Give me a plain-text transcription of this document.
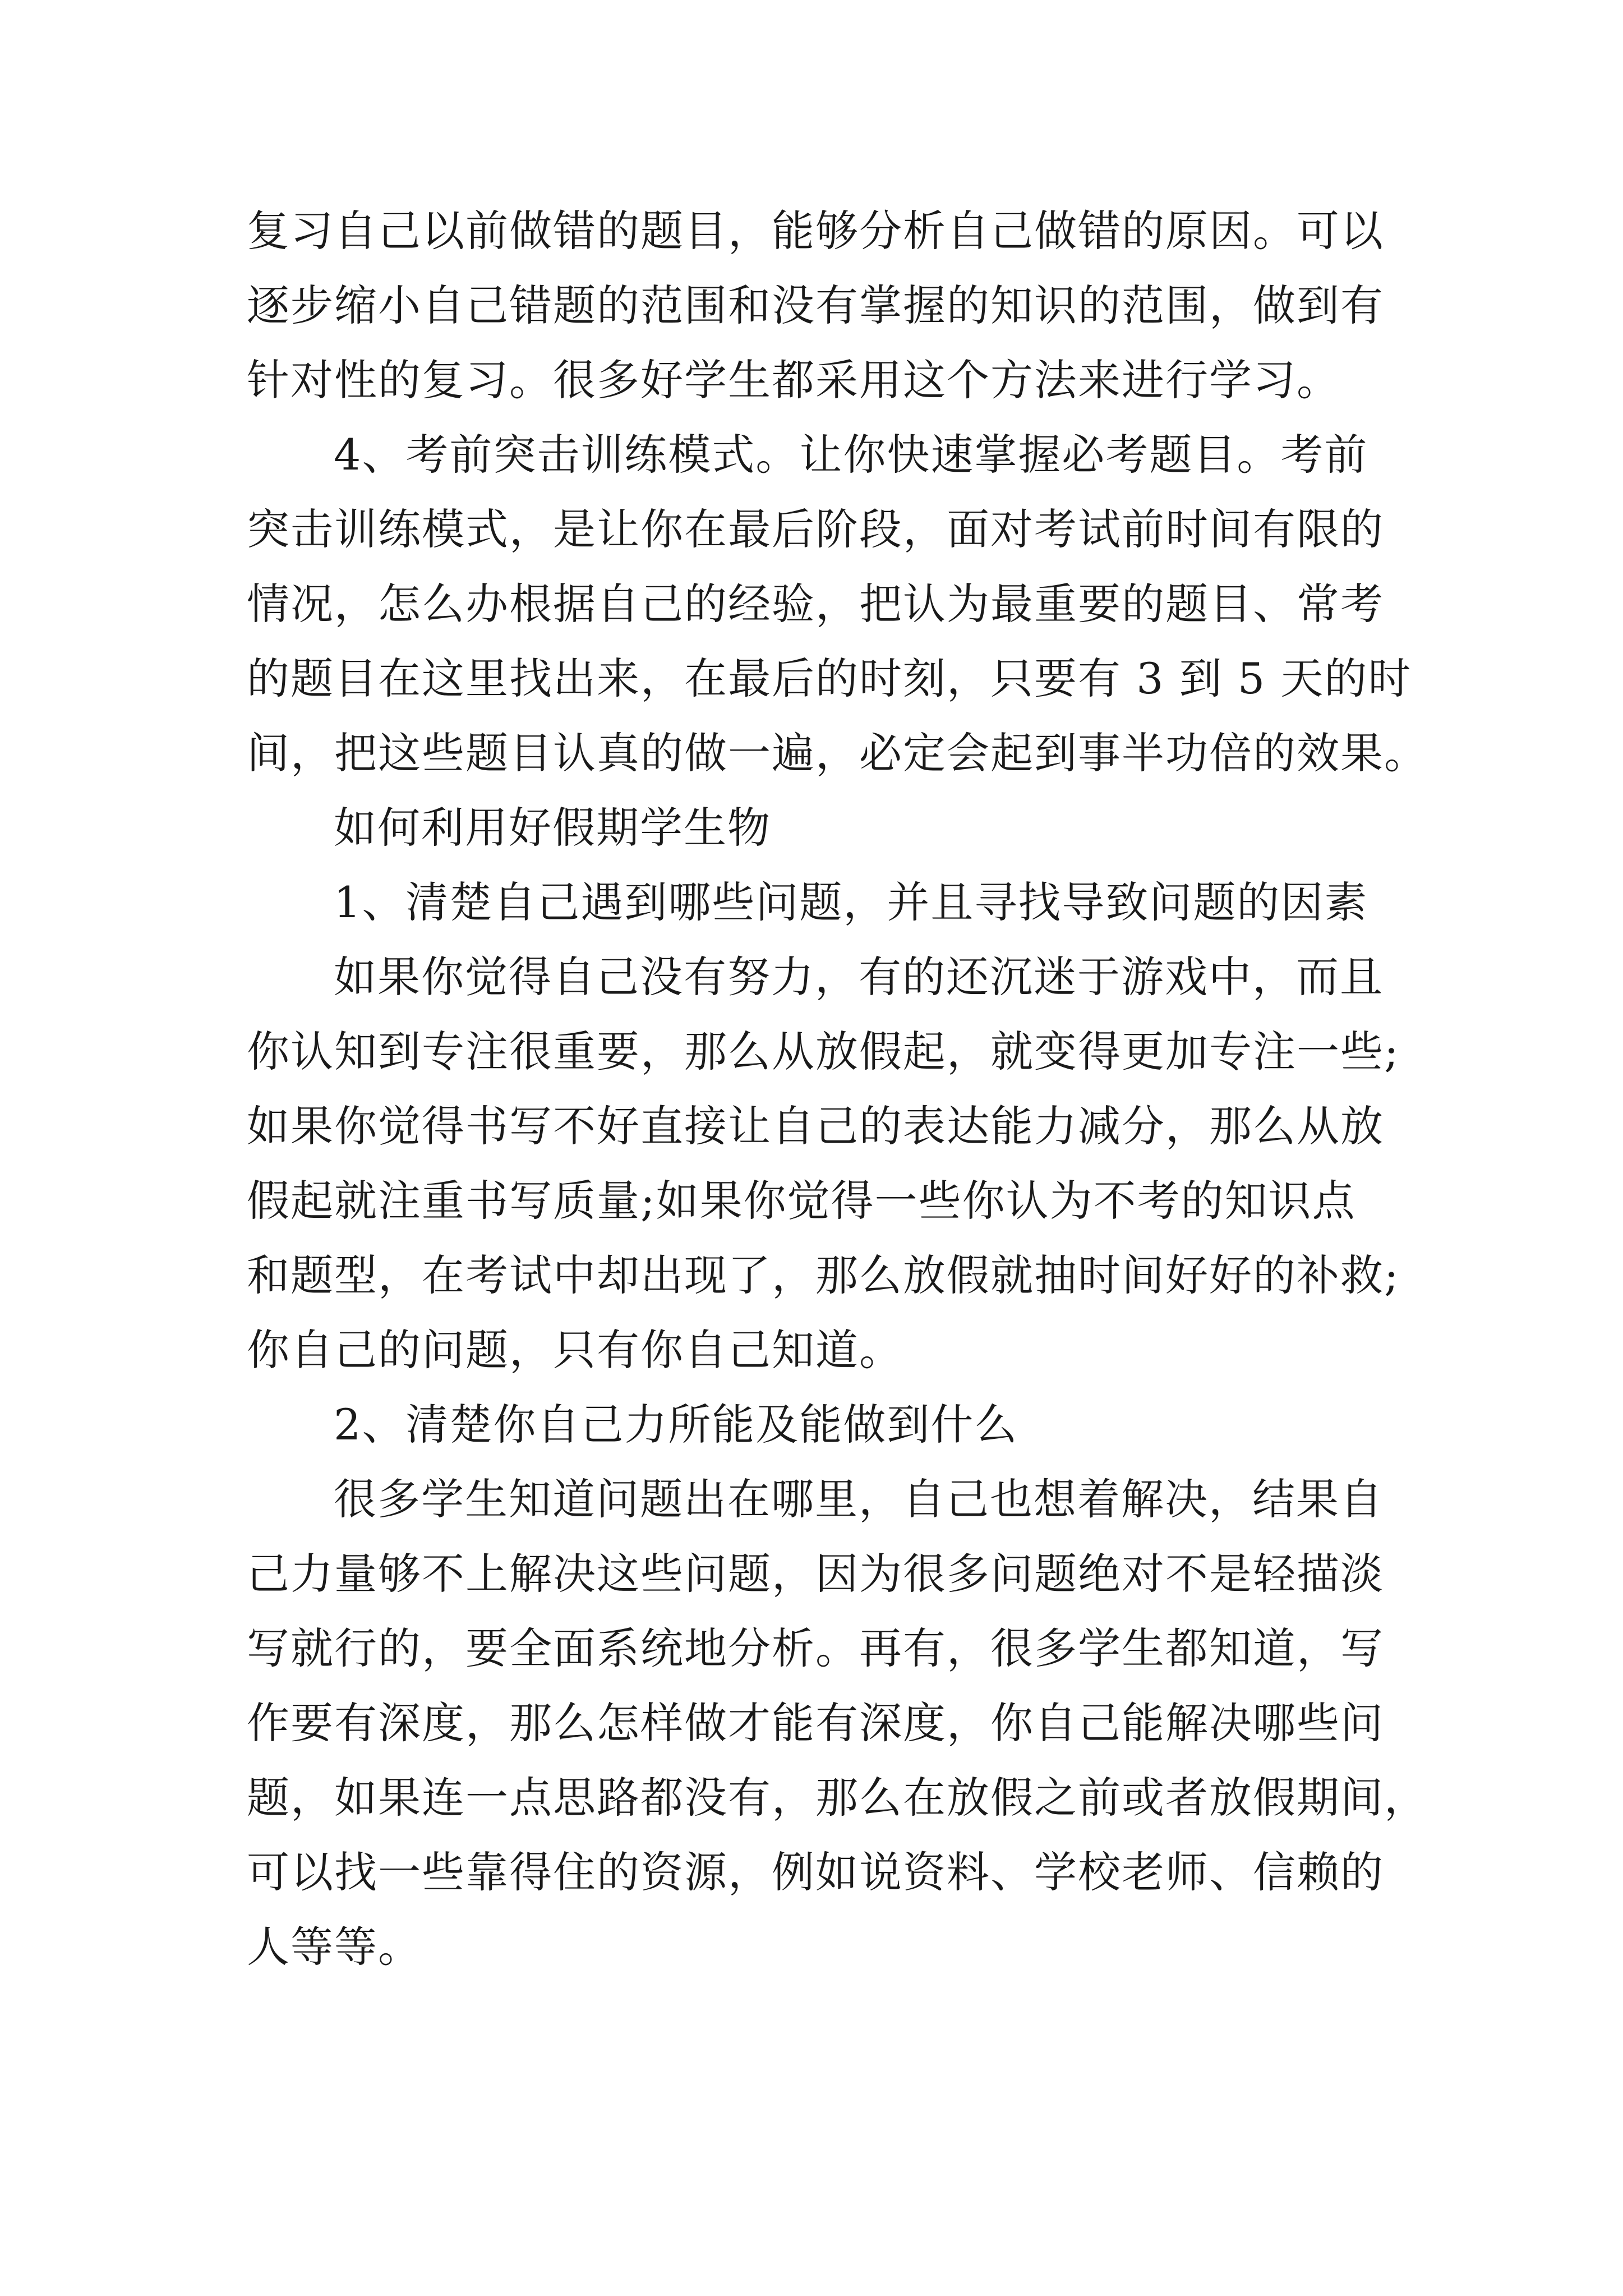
复习自己以前做错的题目，能够分析自己做错的原因。可以
逐步缩小自己错题的范围和没有掌握的知识的范围，做到有
针对性的复习。很多好学生都采用这个方法来进行学习。
4、考前突击训练模式。让你快速掌握必考题目。考前
突击训练模式，是让你在最后阶段，面对考试前时间有限的
情况，怎么办根据自己的经验，把认为最重要的题目、常考
的题目在这里找出来，在最后的时刻，只要有 3 到 5 天的时
间，把这些题目认真的做一遍，必定会起到事半功倍的效果。
如何利用好假期学生物
1、清楚自己遇到哪些问题，并且寻找导致问题的因素
如果你觉得自己没有努力，有的还沉迷于游戏中，而且
你认知到专注很重要，那么从放假起，就变得更加专注一些;
如果你觉得书写不好直接让自己的表达能力减分，那么从放
假起就注重书写质量;如果你觉得一些你认为不考的知识点
和题型，在考试中却出现了，那么放假就抽时间好好的补救;
你自己的问题，只有你自己知道。
2、清楚你自己力所能及能做到什么
很多学生知道问题出在哪里，自己也想着解决，结果自
己力量够不上解决这些问题，因为很多问题绝对不是轻描淡
写就行的，要全面系统地分析。再有，很多学生都知道，写
作要有深度，那么怎样做才能有深度，你自己能解决哪些问
题，如果连一点思路都没有，那么在放假之前或者放假期间，
可以找一些靠得住的资源，例如说资料、学校老师、信赖的
人等等。
